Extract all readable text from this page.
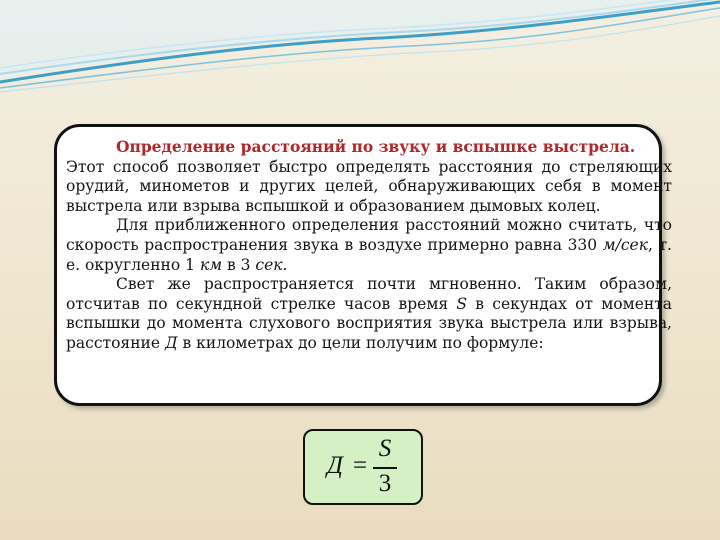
Определение расстояний по звуку и вспышке выстрела.

Этот способ позволяет быстро определять расстояния до стреляющих орудий, минометов и других целей, обнаруживающих себя в момент выстрела или взрыва вспышкой и образованием дымовых колец.

Для приближенного определения расстояний можно считать, что скорость распространения звука в воздухе примерно равна 330 м/сек, т. е. округленно 1 км в 3 сек.

Свет же распространяется почти мгновенно. Таким образом, отсчитав по секундной стрелке часов время S в секундах от момента вспышки до момента слухового восприятия звука выстрела или взрыва, расстояние Д в километрах до цели получим по формуле:

Д =
S
3
